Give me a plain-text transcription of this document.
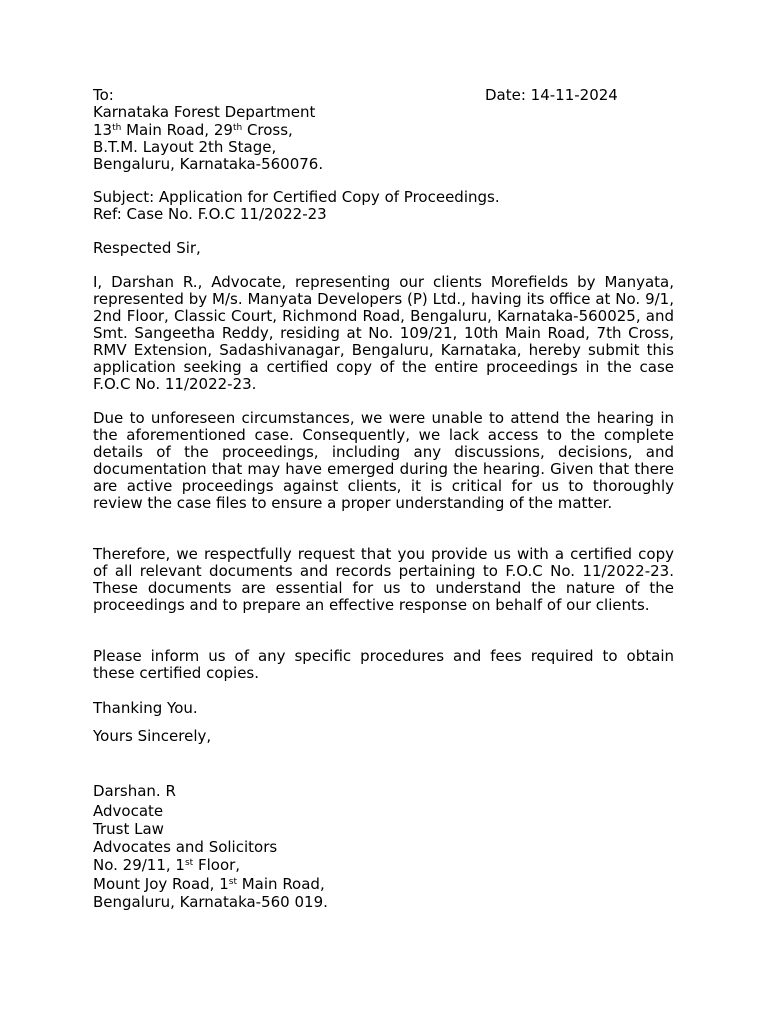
To:	Date: 14-11-2024
Karnataka Forest Department
13th Main Road, 29th Cross,
B.T.M. Layout 2th Stage,
Bengaluru, Karnataka-560076.
Subject: Application for Certified Copy of Proceedings.
Ref: Case No. F.O.C 11/2022-23
Respected Sir,
I, Darshan R., Advocate, representing our clients Morefields by Manyata, represented by M/s. Manyata Developers (P) Ltd., having its office at No. 9/1, 2nd Floor, Classic Court, Richmond Road, Bengaluru, Karnataka-560025, and Smt. Sangeetha Reddy, residing at No. 109/21, 10th Main Road, 7th Cross, RMV Extension, Sadashivanagar, Bengaluru, Karnataka, hereby submit this application seeking a certified copy of the entire proceedings in the case F.O.C No. 11/2022-23.
Due to unforeseen circumstances, we were unable to attend the hearing in the aforementioned case. Consequently, we lack access to the complete details of the proceedings, including any discussions, decisions, and documentation that may have emerged during the hearing. Given that there are active proceedings against clients, it is critical for us to thoroughly review the case files to ensure a proper understanding of the matter.
Therefore, we respectfully request that you provide us with a certified copy of all relevant documents and records pertaining to F.O.C No. 11/2022-23. These documents are essential for us to understand the nature of the proceedings and to prepare an effective response on behalf of our clients.
Please inform us of any specific procedures and fees required to obtain these certified copies.
Thanking You.
Yours Sincerely,
Darshan. R
Advocate
Trust Law
Advocates and Solicitors
No. 29/11, 1st Floor,
Mount Joy Road, 1st Main Road,
Bengaluru, Karnataka-560 019.
